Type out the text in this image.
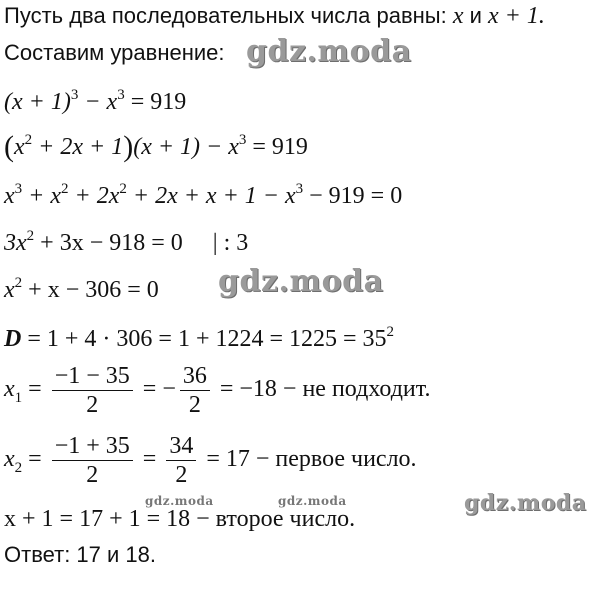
Пусть два последовательных числа равны: x и x + 1.
Составим уравнение:
$(x + 1)^3 - x^3 = 919$
$(x^2 + 2x + 1)(x + 1) - x^3 = 919$
$x^3 + x^2 + 2x^2 + 2x + x + 1 - x^3 - 919 = 0$
$3x^2 + 3x - 918 = 0$     | : 3
$x^2 + x - 306 = 0$
$D = 1 + 4 \cdot 306 = 1 + 1224 = 1225 = 35^2$
$x_1 = \frac{-1 - 35}{2}$ = − $\frac{36}{2} = -18$ − не подходит.
$x_2 = \frac{-1 + 35}{2} = \frac{34}{2} = 17$ − первое число.
x + 1 = 17 + 1 = 18 − второе число.
Ответ: 17 и 18.
gdz.moda
gdz.moda
gdz.moda	gdz.moda	gdz.moda
